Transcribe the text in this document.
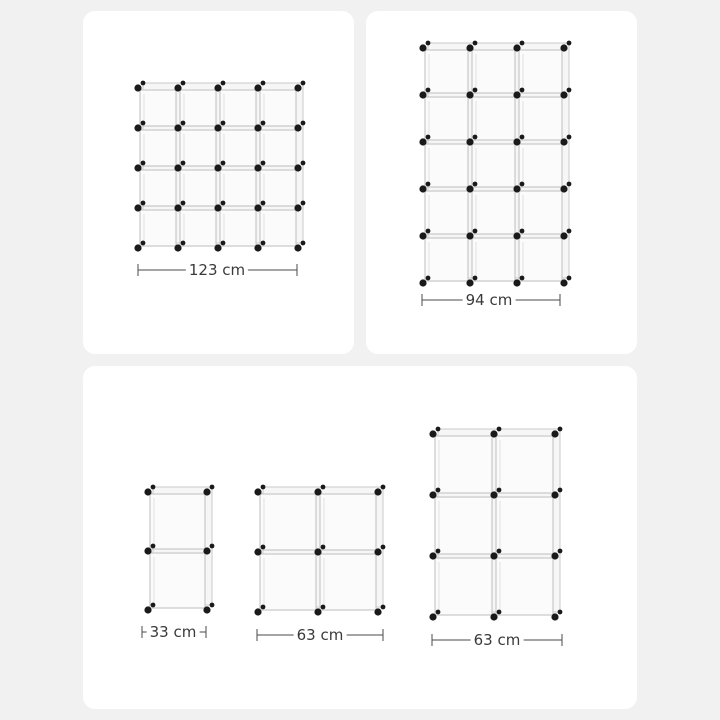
123 cm
94 cm
33 cm	63 cm	63 cm
